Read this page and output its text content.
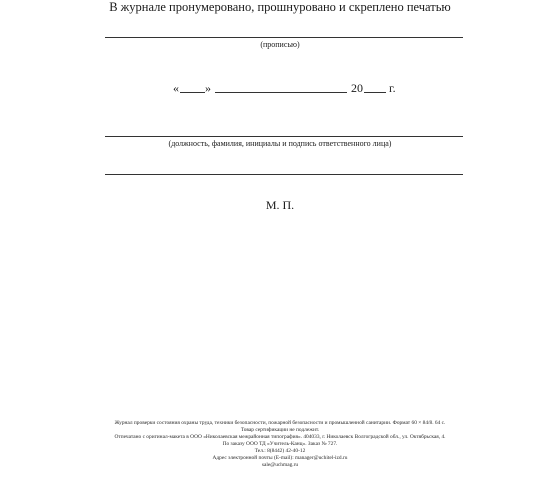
В журнале пронумеровано, прошнуровано и скреплено печатью
(прописью)
« »	20 г.
(должность, фамилия, инициалы и подпись ответственного лица)
М. П.
Журнал проверки состояния охраны труда, техники безопасности, пожарной безопасности и промышленной санитарии. Формат 60 × 84/8. 64 с.
Товар сертификации не подлежит.
Отпечатано с оригинал-макета в ООО «Николаевская межрайонная типография». 404033, г. Николаевск Волгоградской обл., ул. Октябрьская, 4.
По заказу ООО ТД «Учитель-Канц». Заказ № 727.
Тел.: 8(8442) 42-40-12
Адрес электронной почты (E-mail): manager@uchitel-izd.ru
sale@uchmag.ru
